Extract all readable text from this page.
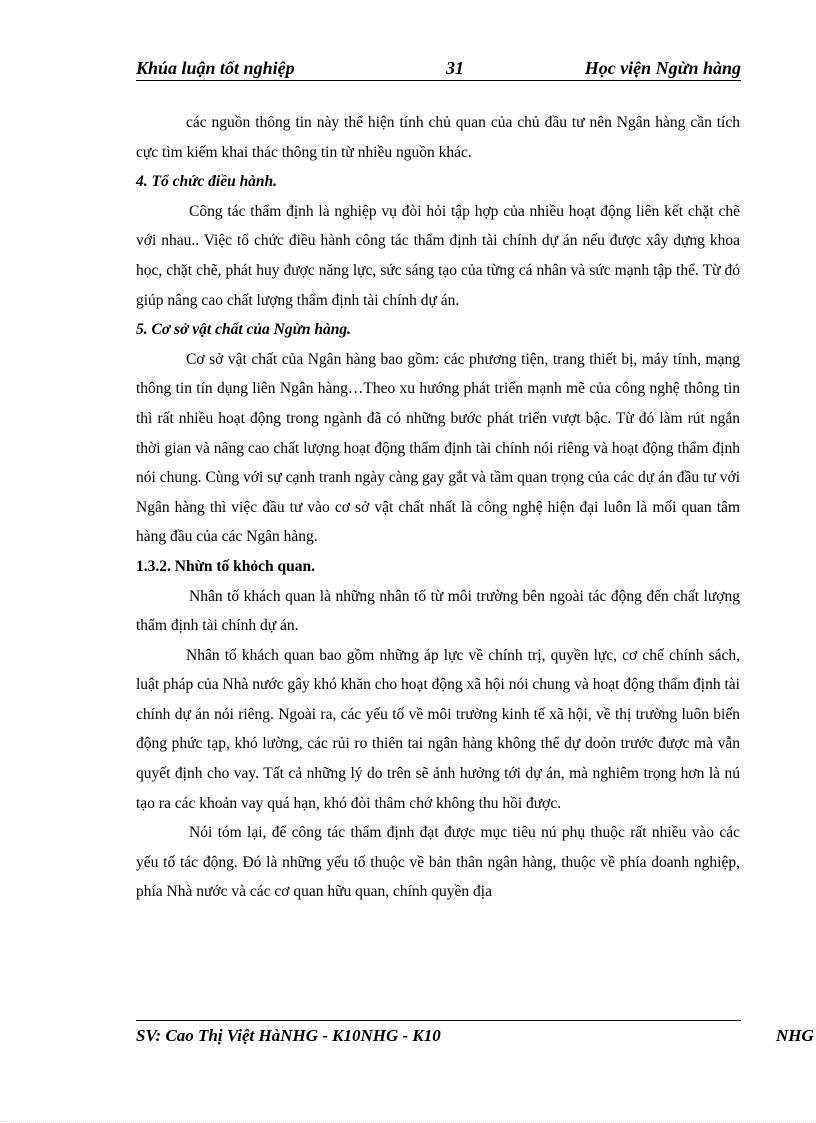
Khúa luận tốt nghiệp	31	Học viện Ngừn hàng

các nguồn thông tin này thể hiện tính chủ quan của chủ đầu tư nên Ngân hàng cần tích cực tìm kiếm khai thác thông tin từ nhiều nguồn khác.

4. Tổ chức điều hành.

Công tác thẩm định là nghiệp vụ đòi hỏi tập hợp của nhiều hoạt động liên kết chặt chẽ với nhau.. Việc tổ chức điều hành công tác thẩm định tài chính dự án nếu được xây dựng khoa học, chặt chẽ, phát huy được năng lực, sức sáng tạo của từng cá nhân và sức mạnh tập thể. Từ đó giúp nâng cao chất lượng thẩm định tài chính dự án.

5. Cơ sở vật chất của Ngừn hàng.

Cơ sở vật chất của Ngân hàng bao gồm: các phương tiện, trang thiết bị, máy tính, mạng thông tin tín dụng liên Ngân hàng…Theo xu hướng phát triển mạnh mẽ của công nghệ thông tin thì rất nhiều hoạt động trong ngành đã có những bước phát triển vượt bậc. Từ đó làm rút ngắn thời gian và nâng cao chất lượng hoạt động thẩm định tài chính nói riêng và hoạt động thẩm định nói chung. Cùng với sự cạnh tranh ngày càng gay gắt và tầm quan trọng của các dự án đầu tư với Ngân hàng thì việc đầu tư vào cơ sở vật chất nhất là công nghệ hiện đại luôn là mối quan tâm hàng đầu của các Ngân hàng.

1.3.2. Nhừn tố khỏch quan.

Nhân tố khách quan là những nhân tố từ môi trường bên ngoài tác động đến chất lượng thẩm định tài chính dự án.

Nhân tố khách quan bao gồm những áp lực về chính trị, quyền lực, cơ chế chính sách, luật pháp của Nhà nước gây khó khăn cho hoạt động xã hội nói chung và hoạt động thẩm định tài chính dự án nói riêng. Ngoài ra, các yếu tố về môi trường kinh tế xã hội, về thị trường luôn biến động phức tạp, khó lường, các rủi ro thiên tai ngân hàng không thể dự doỏn trước được mà vẫn quyết định cho vay. Tất cả những lý do trên sẽ ảnh hưởng tới dự án, mà nghiêm trọng hơn là nú tạo ra các khoản vay quá hạn, khó đòi thâm chớ không thu hồi được.

Nói tóm lại, để công tác thẩm định đạt được mục tiêu nú phụ thuộc rất nhiều vào các yếu tố tác động. Đó là những yếu tố thuộc về bản thân ngân hàng, thuộc về phía doanh nghiệp, phía Nhà nước và các cơ quan hữu quan, chính quyền địa

SV: Cao Thị Việt HàNHG - K10NHG - K10	NHG
